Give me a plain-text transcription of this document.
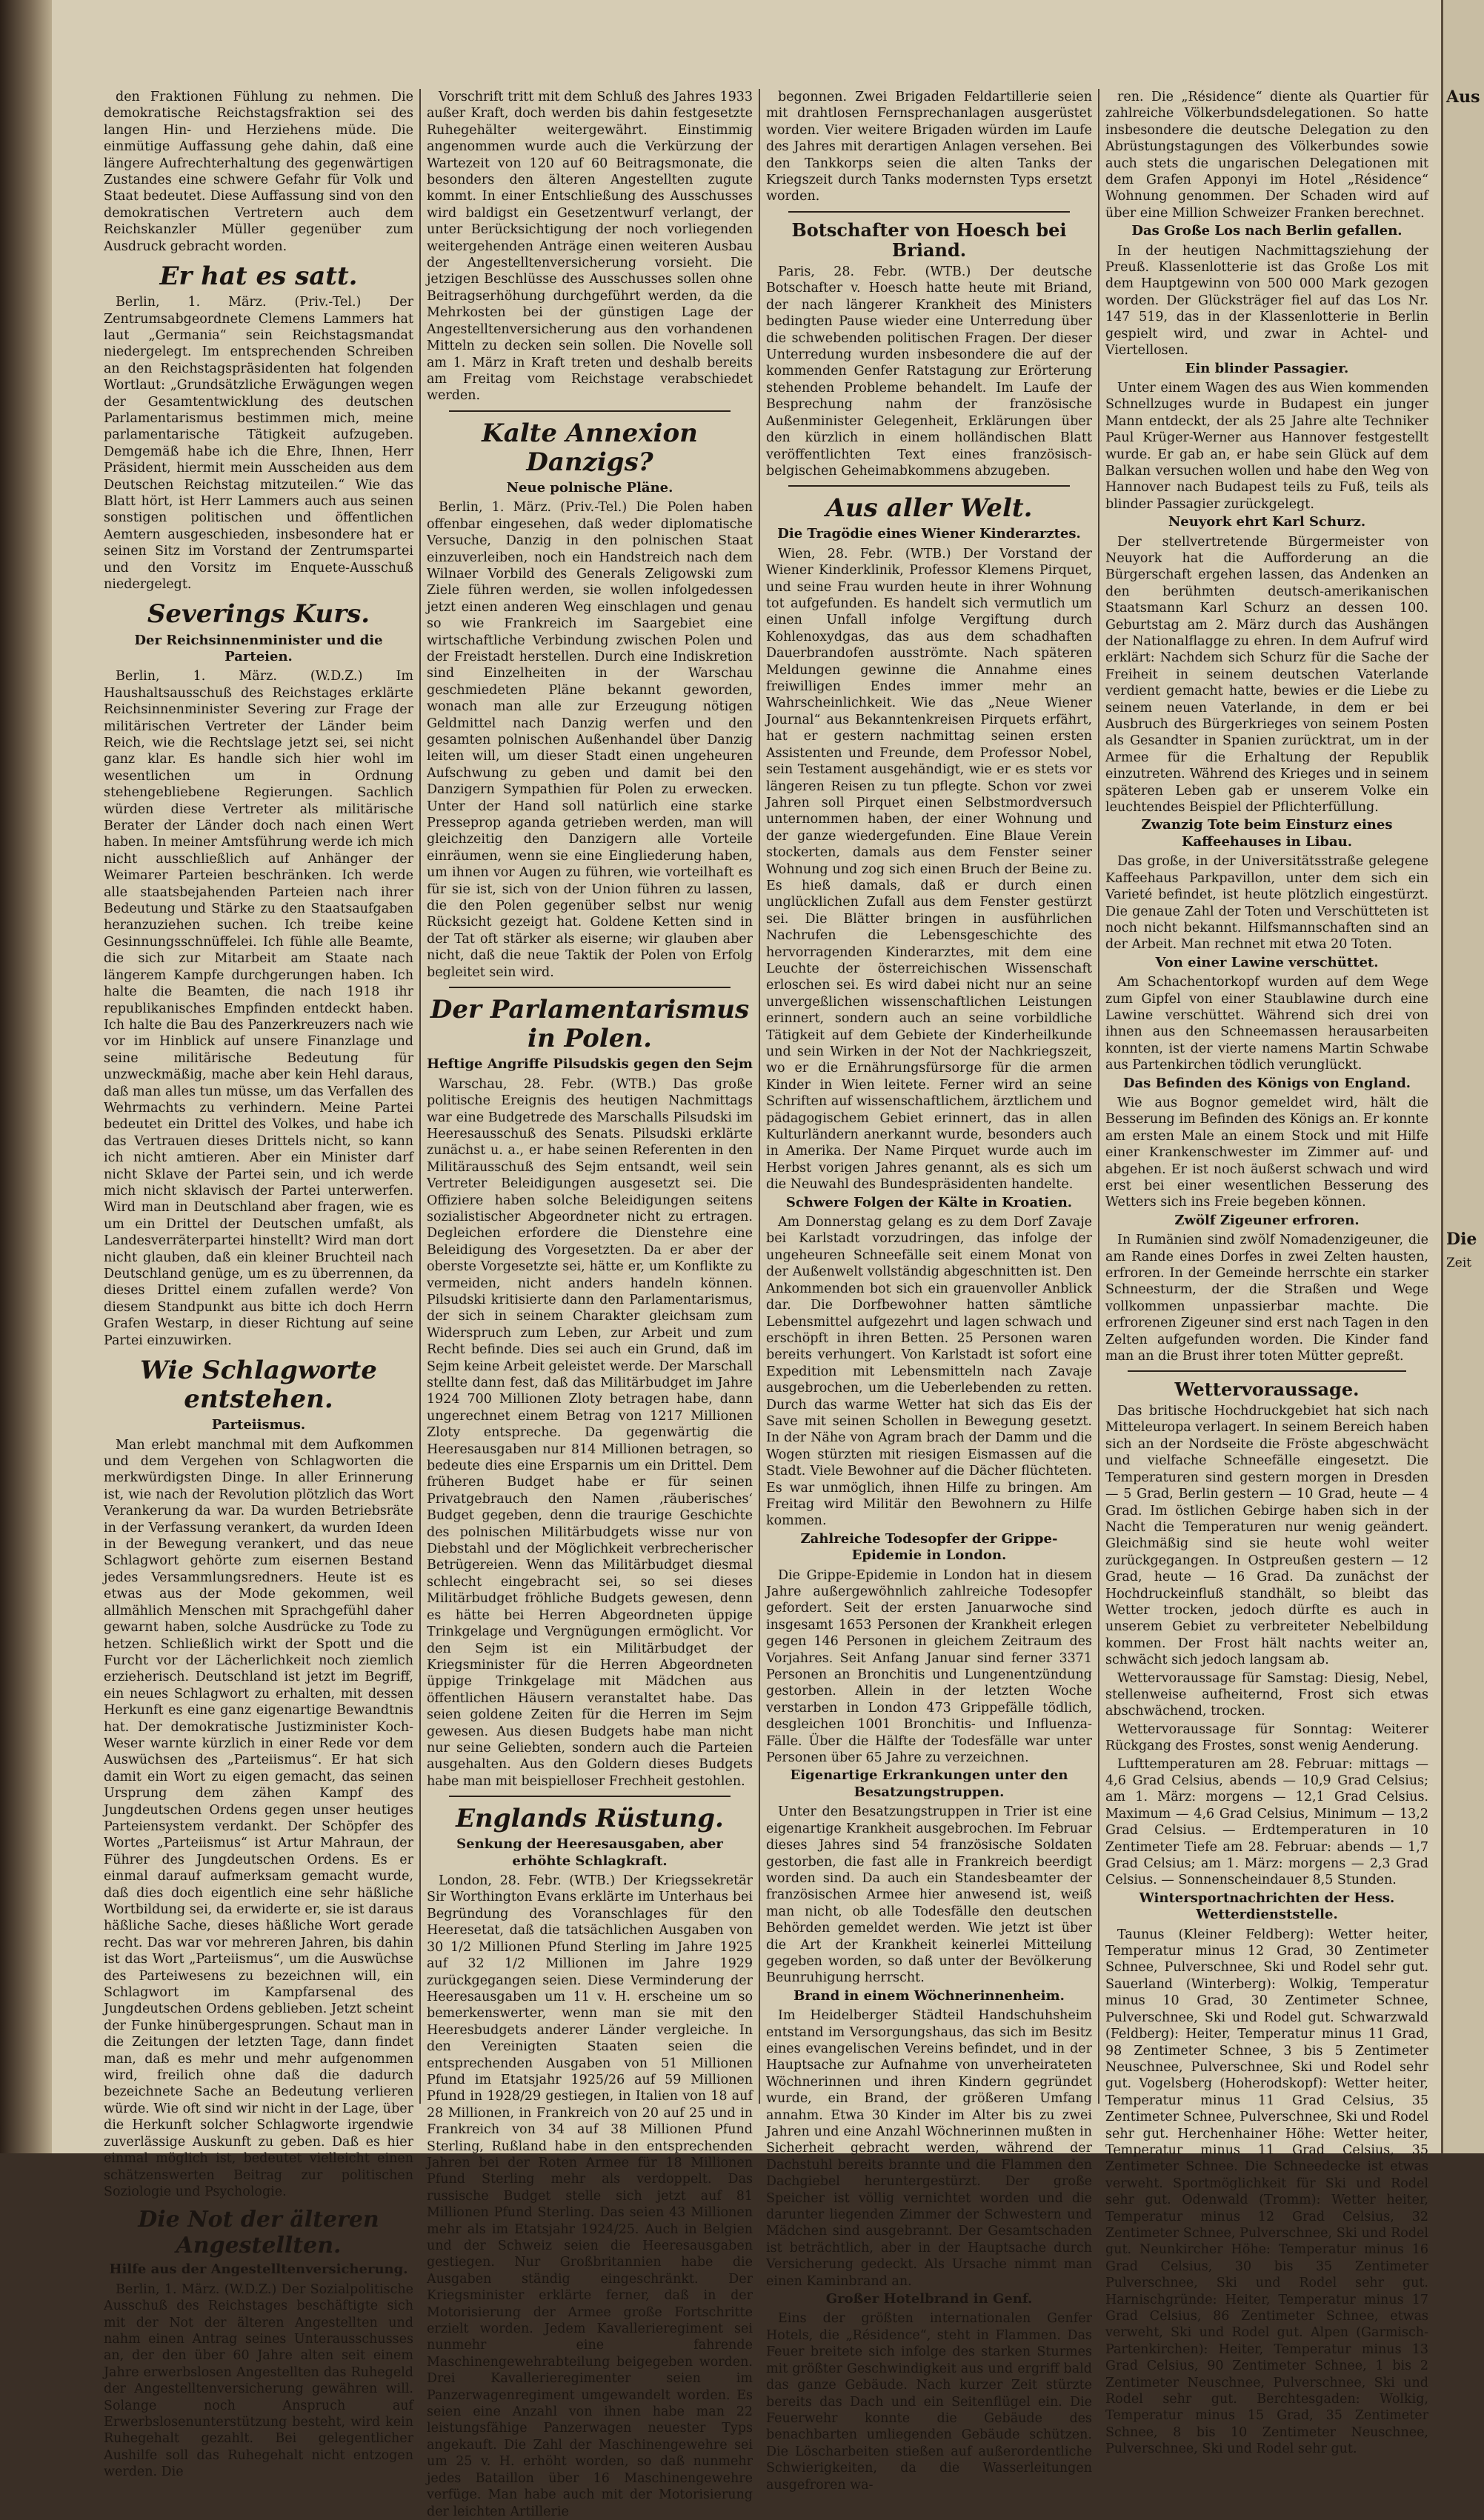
Aus
Die
Zeit

den Fraktionen Fühlung zu nehmen. Die demokratische Reichstagsfraktion sei des langen Hin- und Herziehens müde. Die einmütige Auffassung gehe dahin, daß eine längere Aufrechterhaltung des gegenwärtigen Zustandes eine schwere Gefahr für Volk und Staat bedeutet. Diese Auffassung sind von den demokratischen Vertretern auch dem Reichskanzler Müller gegenüber zum Ausdruck gebracht worden.

Er hat es satt.

Berlin, 1. März. (Priv.-Tel.) Der Zentrumsabgeordnete Clemens Lammers hat laut „Germania“ sein Reichstagsmandat niedergelegt. Im entsprechenden Schreiben an den Reichstagspräsidenten hat folgenden Wortlaut: „Grundsätzliche Erwägungen wegen der Gesamtentwicklung des deutschen Parlamentarismus bestimmen mich, meine parlamentarische Tätigkeit aufzugeben. Demgemäß habe ich die Ehre, Ihnen, Herr Präsident, hiermit mein Ausscheiden aus dem Deutschen Reichstag mitzuteilen.“ Wie das Blatt hört, ist Herr Lammers auch aus seinen sonstigen politischen und öffentlichen Aemtern ausgeschieden, insbesondere hat er seinen Sitz im Vorstand der Zentrumspartei und den Vorsitz im Enquete-Ausschuß niedergelegt.

Severings Kurs.
Der Reichsinnenminister und die Parteien.

Berlin, 1. März. (W.D.Z.) Im Haushaltsausschuß des Reichstages erklärte Reichsinnenminister Severing zur Frage der militärischen Vertreter der Länder beim Reich, wie die Rechtslage jetzt sei, sei nicht ganz klar. Es handle sich hier wohl im wesentlichen um in Ordnung stehengebliebene Regierungen. Sachlich würden diese Vertreter als militärische Berater der Länder doch nach einen Wert haben. In meiner Amtsführung werde ich mich nicht ausschließlich auf Anhänger der Weimarer Parteien beschränken. Ich werde alle staatsbejahenden Parteien nach ihrer Bedeutung und Stärke zu den Staatsaufgaben heranzuziehen suchen. Ich treibe keine Gesinnungsschnüffelei. Ich fühle alle Beamte, die sich zur Mitarbeit am Staate nach längerem Kampfe durchgerungen haben. Ich halte die Beamten, die nach 1918 ihr republikanisches Empfinden entdeckt haben. Ich halte die Bau des Panzerkreuzers nach wie vor im Hinblick auf unsere Finanzlage und seine militärische Bedeutung für unzweckmäßig, mache aber kein Hehl daraus, daß man alles tun müsse, um das Verfallen des Wehrmachts zu verhindern. Meine Partei bedeutet ein Drittel des Volkes, und habe ich das Vertrauen dieses Drittels nicht, so kann ich nicht amtieren. Aber ein Minister darf nicht Sklave der Partei sein, und ich werde mich nicht sklavisch der Partei unterwerfen. Wird man in Deutschland aber fragen, wie es um ein Drittel der Deutschen umfaßt, als Landesverräterpartei hinstellt? Wird man dort nicht glauben, daß ein kleiner Bruchteil nach Deutschland genüge, um es zu überrennen, da dieses Drittel einem zufallen werde? Von diesem Standpunkt aus bitte ich doch Herrn Grafen Westarp, in dieser Richtung auf seine Partei einzuwirken.

Wie Schlagworte entstehen.
Parteiismus.

Man erlebt manchmal mit dem Aufkommen und dem Vergehen von Schlagworten die merkwürdigsten Dinge. In aller Erinnerung ist, wie nach der Revolution plötzlich das Wort Verankerung da war. Da wurden Betriebsräte in der Verfassung verankert, da wurden Ideen in der Bewegung verankert, und das neue Schlagwort gehörte zum eisernen Bestand jedes Versammlungsredners. Heute ist es etwas aus der Mode gekommen, weil allmählich Menschen mit Sprachgefühl daher gewarnt haben, solche Ausdrücke zu Tode zu hetzen. Schließlich wirkt der Spott und die Furcht vor der Lächerlichkeit noch ziemlich erzieherisch. Deutschland ist jetzt im Begriff, ein neues Schlagwort zu erhalten, mit dessen Herkunft es eine ganz eigenartige Bewandtnis hat. Der demokratische Justizminister Koch-Weser warnte kürzlich in einer Rede vor dem Auswüchsen des „Parteiismus“. Er hat sich damit ein Wort zu eigen gemacht, das seinen Ursprung dem zähen Kampf des Jungdeutschen Ordens gegen unser heutiges Parteiensystem verdankt. Der Schöpfer des Wortes „Parteiismus“ ist Artur Mahraun, der Führer des Jungdeutschen Ordens. Es er einmal darauf aufmerksam gemacht wurde, daß dies doch eigentlich eine sehr häßliche Wortbildung sei, da erwiderte er, sie ist daraus häßliche Sache, dieses häßliche Wort gerade recht. Das war vor mehreren Jahren, bis dahin ist das Wort „Parteiismus“, um die Auswüchse des Parteiwesens zu bezeichnen will, ein Schlagwort im Kampfarsenal des Jungdeutschen Ordens geblieben. Jetzt scheint der Funke hinübergesprungen. Schaut man in die Zeitungen der letzten Tage, dann findet man, daß es mehr und mehr aufgenommen wird, freilich ohne daß die dadurch bezeichnete Sache an Bedeutung verlieren würde. Wie oft sind wir nicht in der Lage, über die Herkunft solcher Schlagworte irgendwie zuverlässige Auskunft zu geben. Daß es hier einmal möglich ist, bedeutet vielleicht einen schätzenswerten Beitrag zur politischen Soziologie und Psychologie.

Die Not der älteren Angestellten.
Hilfe aus der Angestelltenversicherung.

Berlin, 1. März. (W.D.Z.) Der Sozialpolitische Ausschuß des Reichstages beschäftigte sich mit der Not der älteren Angestellten und nahm einen Antrag seines Unterausschusses an, der den über 60 Jahre alten seit einem Jahre erwerbslosen Angestellten das Ruhegeld der Angestelltenversicherung gewähren will. Solange noch Anspruch auf Erwerbslosenunterstützung besteht, wird kein Ruhegehalt gezahlt. Bei gelegentlicher Aushilfe soll das Ruhegehalt nicht entzogen werden. Die

Vorschrift tritt mit dem Schluß des Jahres 1933 außer Kraft, doch werden bis dahin festgesetzte Ruhegehälter weitergewährt. Einstimmig angenommen wurde auch die Verkürzung der Wartezeit von 120 auf 60 Beitragsmonate, die besonders den älteren Angestellten zugute kommt. In einer Entschließung des Ausschusses wird baldigst ein Gesetzentwurf verlangt, der unter Berücksichtigung der noch vorliegenden weitergehenden Anträge einen weiteren Ausbau der Angestelltenversicherung vorsieht. Die jetzigen Beschlüsse des Ausschusses sollen ohne Beitragserhöhung durchgeführt werden, da die Mehrkosten bei der günstigen Lage der Angestelltenversicherung aus den vorhandenen Mitteln zu decken sein sollen. Die Novelle soll am 1. März in Kraft treten und deshalb bereits am Freitag vom Reichstage verabschiedet werden.

Kalte Annexion Danzigs?
Neue polnische Pläne.

Berlin, 1. März. (Priv.-Tel.) Die Polen haben offenbar eingesehen, daß weder diplomatische Versuche, Danzig in den polnischen Staat einzuverleiben, noch ein Handstreich nach dem Wilnaer Vorbild des Generals Zeligowski zum Ziele führen werden, sie wollen infolgedessen jetzt einen anderen Weg einschlagen und genau so wie Frankreich im Saargebiet eine wirtschaftliche Verbindung zwischen Polen und der Freistadt herstellen. Durch eine Indiskretion sind Einzelheiten in der Warschau geschmiedeten Pläne bekannt geworden, wonach man alle zur Erzeugung nötigen Geldmittel nach Danzig werfen und den gesamten polnischen Außenhandel über Danzig leiten will, um dieser Stadt einen ungeheuren Aufschwung zu geben und damit bei den Danzigern Sympathien für Polen zu erwecken. Unter der Hand soll natürlich eine starke Presseprop aganda getrieben werden, man will gleichzeitig den Danzigern alle Vorteile einräumen, wenn sie eine Eingliederung haben, um ihnen vor Augen zu führen, wie vorteilhaft es für sie ist, sich von der Union führen zu lassen, die den Polen gegenüber selbst nur wenig Rücksicht gezeigt hat. Goldene Ketten sind in der Tat oft stärker als eiserne; wir glauben aber nicht, daß die neue Taktik der Polen von Erfolg begleitet sein wird.

Der Parlamentarismus in Polen.
Heftige Angriffe Pilsudskis gegen den Sejm

Warschau, 28. Febr. (WTB.) Das große politische Ereignis des heutigen Nachmittags war eine Budgetrede des Marschalls Pilsudski im Heeresausschuß des Senats. Pilsudski erklärte zunächst u. a., er habe seinen Referenten in den Militärausschuß des Sejm entsandt, weil sein Vertreter Beleidigungen ausgesetzt sei. Die Offiziere haben solche Beleidigungen seitens sozialistischer Abgeordneter nicht zu ertragen. Degleichen erfordere die Dienstehre eine Beleidigung des Vorgesetzten. Da er aber der oberste Vorgesetzte sei, hätte er, um Konflikte zu vermeiden, nicht anders handeln können. Pilsudski kritisierte dann den Parlamentarismus, der sich in seinem Charakter gleichsam zum Widerspruch zum Leben, zur Arbeit und zum Recht befinde. Dies sei auch ein Grund, daß im Sejm keine Arbeit geleistet werde. Der Marschall stellte dann fest, daß das Militärbudget im Jahre 1924 700 Millionen Zloty betragen habe, dann ungerechnet einem Betrag von 1217 Millionen Zloty entspreche. Da gegenwärtig die Heeresausgaben nur 814 Millionen betragen, so bedeute dies eine Ersparnis um ein Drittel. Dem früheren Budget habe er für seinen Privatgebrauch den Namen ‚räuberisches‘ Budget gegeben, denn die traurige Geschichte des polnischen Militärbudgets wisse nur von Diebstahl und der Möglichkeit verbrecherischer Betrügereien. Wenn das Militärbudget diesmal schlecht eingebracht sei, so sei dieses Militärbudget fröhliche Budgets gewesen, denn es hätte bei Herren Abgeordneten üppige Trinkgelage und Vergnügungen ermöglicht. Vor den Sejm ist ein Militärbudget der Kriegsminister für die Herren Abgeordneten üppige Trinkgelage mit Mädchen aus öffentlichen Häusern veranstaltet habe. Das seien goldene Zeiten für die Herren im Sejm gewesen. Aus diesen Budgets habe man nicht nur seine Geliebten, sondern auch die Parteien ausgehalten. Aus den Goldern dieses Budgets habe man mit beispielloser Frechheit gestohlen.

Englands Rüstung.
Senkung der Heeresausgaben, aber erhöhte Schlagkraft.

London, 28. Febr. (WTB.) Der Kriegssekretär Sir Worthington Evans erklärte im Unterhaus bei Begründung des Voranschlages für den Heeresetat, daß die tatsächlichen Ausgaben von 30 1/2 Millionen Pfund Sterling im Jahre 1925 auf 32 1/2 Millionen im Jahre 1929 zurückgegangen seien. Diese Verminderung der Heeresausgaben um 11 v. H. erscheine um so bemerkenswerter, wenn man sie mit den Heeresbudgets anderer Länder vergleiche. In den Vereinigten Staaten seien die entsprechenden Ausgaben von 51 Millionen Pfund im Etatsjahr 1925/26 auf 59 Millionen Pfund in 1928/29 gestiegen, in Italien von 18 auf 28 Millionen, in Frankreich von 20 auf 25 und in Frankreich von 34 auf 38 Millionen Pfund Sterling, Rußland habe in den entsprechenden Jahren bei der Roten Armee für 18 Millionen Pfund Sterling mehr als verdoppelt. Das russische Budget stelle sich jetzt auf 81 Millionen Pfund Sterling. Das seien 43 Millionen mehr als im Etatsjahr 1924/25. Auch in Belgien und der Schweiz seien die Heeresausgaben gestiegen. Nur Großbritannien habe die Ausgaben ständig eingeschränkt. Der Kriegsminister erklärte ferner, daß in der Motorisierung der Armee große Fortschritte erzielt worden. Jedem Kavallerieregiment sei nunmehr eine fahrende Maschinengewehrabteilung beigegeben worden. Drei Kavallerieregimenter seien im Panzerwagenregiment umgewandelt worden. Es seien eine Anzahl von ihnen habe man 22 leistungsfähige Panzerwagen neuester Typs angekauft. Die Zahl der Maschinengewehre sei um 25 v. H. erhöht worden, so daß nunmehr jedes Bataillon über 16 Maschinengewehre verfüge. Man habe auch mit der Motorisierung der leichten Artillerie

begonnen. Zwei Brigaden Feldartillerie seien mit drahtlosen Fernsprechanlagen ausgerüstet worden. Vier weitere Brigaden würden im Laufe des Jahres mit derartigen Anlagen versehen. Bei den Tankkorps seien die alten Tanks der Kriegszeit durch Tanks modernsten Typs ersetzt worden.

Botschafter von Hoesch bei Briand.

Paris, 28. Febr. (WTB.) Der deutsche Botschafter v. Hoesch hatte heute mit Briand, der nach längerer Krankheit des Ministers bedingten Pause wieder eine Unterredung über die schwebenden politischen Fragen. Der dieser Unterredung wurden insbesondere die auf der kommenden Genfer Ratstagung zur Erörterung stehenden Probleme behandelt. Im Laufe der Besprechung nahm der französische Außenminister Gelegenheit, Erklärungen über den kürzlich in einem holländischen Blatt veröffentlichten Text eines französisch-belgischen Geheimabkommens abzugeben.

Aus aller Welt.
Die Tragödie eines Wiener Kinderarztes.

Wien, 28. Febr. (WTB.) Der Vorstand der Wiener Kinderklinik, Professor Klemens Pirquet, und seine Frau wurden heute in ihrer Wohnung tot aufgefunden. Es handelt sich vermutlich um einen Unfall infolge Vergiftung durch Kohlenoxydgas, das aus dem schadhaften Dauerbrandofen ausströmte. Nach späteren Meldungen gewinne die Annahme eines freiwilligen Endes immer mehr an Wahrscheinlichkeit. Wie das „Neue Wiener Journal“ aus Bekanntenkreisen Pirquets erfährt, hat er gestern nachmittag seinen ersten Assistenten und Freunde, dem Professor Nobel, sein Testament ausgehändigt, wie er es stets vor längeren Reisen zu tun pflegte. Schon vor zwei Jahren soll Pirquet einen Selbstmordversuch unternommen haben, der einer Wohnung und der ganze wiedergefunden. Eine Blaue Verein stockerten, damals aus dem Fenster seiner Wohnung und zog sich einen Bruch der Beine zu. Es hieß damals, daß er durch einen unglücklichen Zufall aus dem Fenster gestürzt sei. Die Blätter bringen in ausführlichen Nachrufen die Lebensgeschichte des hervorragenden Kinderarztes, mit dem eine Leuchte der österreichischen Wissenschaft erloschen sei. Es wird dabei nicht nur an seine unvergeßlichen wissenschaftlichen Leistungen erinnert, sondern auch an seine vorbildliche Tätigkeit auf dem Gebiete der Kinderheilkunde und sein Wirken in der Not der Nachkriegszeit, wo er die Ernährungsfürsorge für die armen Kinder in Wien leitete. Ferner wird an seine Schriften auf wissenschaftlichem, ärztlichem und pädagogischem Gebiet erinnert, das in allen Kulturländern anerkannt wurde, besonders auch in Amerika. Der Name Pirquet wurde auch im Herbst vorigen Jahres genannt, als es sich um die Neuwahl des Bundespräsidenten handelte.

Schwere Folgen der Kälte in Kroatien.

Am Donnerstag gelang es zu dem Dorf Zavaje bei Karlstadt vorzudringen, das infolge der ungeheuren Schneefälle seit einem Monat von der Außenwelt vollständig abgeschnitten ist. Den Ankommenden bot sich ein grauenvoller Anblick dar. Die Dorfbewohner hatten sämtliche Lebensmittel aufgezehrt und lagen schwach und erschöpft in ihren Betten. 25 Personen waren bereits verhungert. Von Karlstadt ist sofort eine Expedition mit Lebensmitteln nach Zavaje ausgebrochen, um die Ueberlebenden zu retten. Durch das warme Wetter hat sich das Eis der Save mit seinen Schollen in Bewegung gesetzt. In der Nähe von Agram brach der Damm und die Wogen stürzten mit riesigen Eismassen auf die Stadt. Viele Bewohner auf die Dächer flüchteten. Es war unmöglich, ihnen Hilfe zu bringen. Am Freitag wird Militär den Bewohnern zu Hilfe kommen.

Zahlreiche Todesopfer der Grippe-Epidemie in London.

Die Grippe-Epidemie in London hat in diesem Jahre außergewöhnlich zahlreiche Todesopfer gefordert. Seit der ersten Januarwoche sind insgesamt 1653 Personen der Krankheit erlegen gegen 146 Personen in gleichem Zeitraum des Vorjahres. Seit Anfang Januar sind ferner 3371 Personen an Bronchitis und Lungenentzündung gestorben. Allein in der letzten Woche verstarben in London 473 Grippefälle tödlich, desgleichen 1001 Bronchitis- und Influenza-Fälle. Über die Hälfte der Todesfälle war unter Personen über 65 Jahre zu verzeichnen.

Eigenartige Erkrankungen unter den Besatzungstruppen.

Unter den Besatzungstruppen in Trier ist eine eigenartige Krankheit ausgebrochen. Im Februar dieses Jahres sind 54 französische Soldaten gestorben, die fast alle in Frankreich beerdigt worden sind. Da auch ein Standesbeamter der französischen Armee hier anwesend ist, weiß man nicht, ob alle Todesfälle den deutschen Behörden gemeldet werden. Wie jetzt ist über die Art der Krankheit keinerlei Mitteilung gegeben worden, so daß unter der Bevölkerung Beunruhigung herrscht.

Brand in einem Wöchnerinnenheim.

Im Heidelberger Städteil Handschuhsheim entstand im Versorgungshaus, das sich im Besitz eines evangelischen Vereins befindet, und in der Hauptsache zur Aufnahme von unverheirateten Wöchnerinnen und ihren Kindern gegründet wurde, ein Brand, der größeren Umfang annahm. Etwa 30 Kinder im Alter bis zu zwei Jahren und eine Anzahl Wöchnerinnen mußten in Sicherheit gebracht werden, während der Dachstuhl bereits brannte und die Flammen den Dachgiebel heruntergestürzt. Der große Speicher ist völlig vernichtet worden und die darunter liegenden Zimmer der Schwestern und Mädchen sind ausgebrannt. Der Gesamtschaden ist beträchtlich, aber in der Hauptsache durch Versicherung gedeckt. Als Ursache nimmt man einen Kaminbrand an.

Großer Hotelbrand in Genf.

Eins der größten internationalen Genfer Hotels, die „Résidence“, steht in Flammen. Das Feuer breitete sich infolge des starken Sturmes mit größter Geschwindigkeit aus und ergriff bald das ganze Gebäude. Nach kurzer Zeit stürzte bereits das Dach und ein Seitenflügel ein. Die Feuerwehr konnte die Gebäude des benachbarten umliegenden Gebäude schützen. Die Löscharbeiten stießen auf außerordentliche Schwierigkeiten, da die Wasserleitungen ausgefroren wa-

ren. Die „Résidence“ diente als Quartier für zahlreiche Völkerbundsdelegationen. So hatte insbesondere die deutsche Delegation zu den Abrüstungstagungen des Völkerbundes sowie auch stets die ungarischen Delegationen mit dem Grafen Apponyi im Hotel „Résidence“ Wohnung genommen. Der Schaden wird auf über eine Million Schweizer Franken berechnet.

Das Große Los nach Berlin gefallen.

In der heutigen Nachmittagsziehung der Preuß. Klassenlotterie ist das Große Los mit dem Hauptgewinn von 500 000 Mark gezogen worden. Der Glücksträger fiel auf das Los Nr. 147 519, das in der Klassenlotterie in Berlin gespielt wird, und zwar in Achtel- und Viertellosen.

Ein blinder Passagier.

Unter einem Wagen des aus Wien kommenden Schnellzuges wurde in Budapest ein junger Mann entdeckt, der als 25 Jahre alte Techniker Paul Krüger-Werner aus Hannover festgestellt wurde. Er gab an, er habe sein Glück auf dem Balkan versuchen wollen und habe den Weg von Hannover nach Budapest teils zu Fuß, teils als blinder Passagier zurückgelegt.

Neuyork ehrt Karl Schurz.

Der stellvertretende Bürgermeister von Neuyork hat die Aufforderung an die Bürgerschaft ergehen lassen, das Andenken an den berühmten deutsch-amerikanischen Staatsmann Karl Schurz an dessen 100. Geburtstag am 2. März durch das Aushängen der Nationalflagge zu ehren. In dem Aufruf wird erklärt: Nachdem sich Schurz für die Sache der Freiheit in seinem deutschen Vaterlande verdient gemacht hatte, bewies er die Liebe zu seinem neuen Vaterlande, in dem er bei Ausbruch des Bürgerkrieges von seinem Posten als Gesandter in Spanien zurücktrat, um in der Armee für die Erhaltung der Republik einzutreten. Während des Krieges und in seinem späteren Leben gab er unserem Volke ein leuchtendes Beispiel der Pflichterfüllung.

Zwanzig Tote beim Einsturz eines Kaffeehauses in Libau.

Das große, in der Universitätsstraße gelegene Kaffeehaus Parkpavillon, unter dem sich ein Varieté befindet, ist heute plötzlich eingestürzt. Die genaue Zahl der Toten und Verschütteten ist noch nicht bekannt. Hilfsmannschaften sind an der Arbeit. Man rechnet mit etwa 20 Toten.

Von einer Lawine verschüttet.

Am Schachentorkopf wurden auf dem Wege zum Gipfel von einer Staublawine durch eine Lawine verschüttet. Während sich drei von ihnen aus den Schneemassen herausarbeiten konnten, ist der vierte namens Martin Schwabe aus Partenkirchen tödlich verunglückt.

Das Befinden des Königs von England.

Wie aus Bognor gemeldet wird, hält die Besserung im Befinden des Königs an. Er konnte am ersten Male an einem Stock und mit Hilfe einer Krankenschwester im Zimmer auf- und abgehen. Er ist noch äußerst schwach und wird erst bei einer wesentlichen Besserung des Wetters sich ins Freie begeben können.

Zwölf Zigeuner erfroren.

In Rumänien sind zwölf Nomadenzigeuner, die am Rande eines Dorfes in zwei Zelten hausten, erfroren. In der Gemeinde herrschte ein starker Schneesturm, der die Straßen und Wege vollkommen unpassierbar machte. Die erfrorenen Zigeuner sind erst nach Tagen in den Zelten aufgefunden worden. Die Kinder fand man an die Brust ihrer toten Mütter gepreßt.

Wettervoraussage.

Das britische Hochdruckgebiet hat sich nach Mitteleuropa verlagert. In seinem Bereich haben sich an der Nordseite die Fröste abgeschwächt und vielfache Schneefälle eingesetzt. Die Temperaturen sind gestern morgen in Dresden — 5 Grad, Berlin gestern — 10 Grad, heute — 4 Grad. Im östlichen Gebirge haben sich in der Nacht die Temperaturen nur wenig geändert. Gleichmäßig sind sie heute wohl weiter zurückgegangen. In Ostpreußen gestern — 12 Grad, heute — 16 Grad. Da zunächst der Hochdruckeinfluß standhält, so bleibt das Wetter trocken, jedoch dürfte es auch in unserem Gebiet zu verbreiteter Nebelbildung kommen. Der Frost hält nachts weiter an, schwächt sich jedoch langsam ab.

Wettervoraussage für Samstag: Diesig, Nebel, stellenweise aufheiternd, Frost sich etwas abschwächend, trocken.

Wettervoraussage für Sonntag: Weiterer Rückgang des Frostes, sonst wenig Aenderung.

Lufttemperaturen am 28. Februar: mittags — 4,6 Grad Celsius, abends — 10,9 Grad Celsius; am 1. März: morgens — 12,1 Grad Celsius. Maximum — 4,6 Grad Celsius, Minimum — 13,2 Grad Celsius. — Erdtemperaturen in 10 Zentimeter Tiefe am 28. Februar: abends — 1,7 Grad Celsius; am 1. März: morgens — 2,3 Grad Celsius. — Sonnenscheindauer 8,5 Stunden.

Wintersportnachrichten der Hess. Wetterdienststelle.

Taunus (Kleiner Feldberg): Wetter heiter, Temperatur minus 12 Grad, 30 Zentimeter Schnee, Pulverschnee, Ski und Rodel sehr gut. Sauerland (Winterberg): Wolkig, Temperatur minus 10 Grad, 30 Zentimeter Schnee, Pulverschnee, Ski und Rodel gut. Schwarzwald (Feldberg): Heiter, Temperatur minus 11 Grad, 98 Zentimeter Schnee, 3 bis 5 Zentimeter Neuschnee, Pulverschnee, Ski und Rodel sehr gut. Vogelsberg (Hoherodskopf): Wetter heiter, Temperatur minus 11 Grad Celsius, 35 Zentimeter Schnee, Pulverschnee, Ski und Rodel sehr gut. Herchenhainer Höhe: Wetter heiter, Temperatur minus 11 Grad Celsius, 35 Zentimeter Schnee. Die Schneedecke ist etwas verweht. Sportmöglichkeit für Ski und Rodel sehr gut. Odenwald (Tromm): Wetter heiter, Temperatur minus 12 Grad Celsius, 32 Zentimeter Schnee, Pulverschnee, Ski und Rodel gut. Neunkircher Höhe: Temperatur minus 16 Grad Celsius, 30 bis 35 Zentimeter Pulverschnee, Ski und Rodel sehr gut. Harnischgründe: Heiter, Temperatur minus 17 Grad Celsius, 86 Zentimeter Schnee, etwas verweht, Ski und Rodel gut. Alpen (Garmisch-Partenkirchen): Heiter, Temperatur minus 13 Grad Celsius, 90 Zentimeter Schnee, 1 bis 2 Zentimeter Neuschnee, Pulverschnee, Ski und Rodel sehr gut. Berchtesgaden: Wolkig, Temperatur minus 15 Grad, 35 Zentimeter Schnee, 8 bis 10 Zentimeter Neuschnee, Pulverschnee, Ski und Rodel sehr gut.
